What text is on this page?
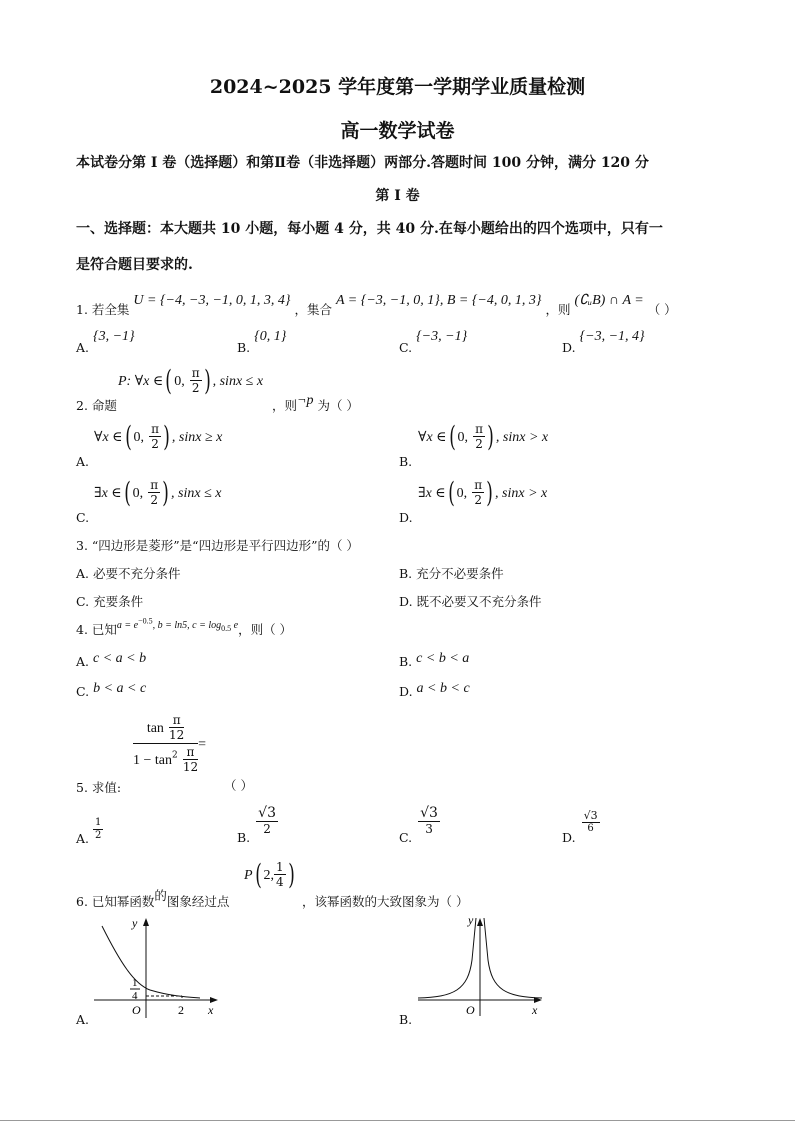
2024~2025 学年度第一学期学业质量检测
高一数学试卷
本试卷分第 I 卷（选择题）和第Ⅱ卷（非选择题）两部分.答题时间 100 分钟，满分 120 分
第 I 卷
一、选择题：本大题共 10 小题，每小题 4 分，共 40 分.在每小题给出的四个选项中，只有一
是符合题目要求的.
1. 若全集 U = {−4, −3, −1, 0, 1, 3, 4} ，集合 A = {−3, −1, 0, 1}, B = {−4, 0, 1, 3} ，则 (∁ᵤB) ∩ A = （ ）
A. {3, −1}
B. {0, 1}
C. {−3, −1}
D. {−3, −1, 4}
2. 命题
P: ∀x ∈( 0, $\frac{\pi}{2}$ ) , sinx ≤ x
，则¬p 为（ ）
A.
∀x ∈( 0, $\frac{\pi}{2}$ ) , sinx ≥ x
B.
∀x ∈( 0, $\frac{\pi}{2}$ ) , sinx > x
C.
∃x ∈( 0, $\frac{\pi}{2}$ ) , sinx ≤ x
D.
∃x ∈( 0, $\frac{\pi}{2}$ ) , sinx > x
3. “四边形是菱形”是“四边形是平行四边形”的（ ）
A. 必要不充分条件	B. 充分不必要条件
C. 充要条件	D. 既不必要又不充分条件
4. 已知$^{a = e^{-0.5}, b = ln5, c = log_{0.5} e}$，则（ ）
A. c < a < b	B. c < b < a
C. b < a < c	D. a < b < c
$\frac{\tan \frac{\pi}{12}}{1 - \tan^2 \frac{\pi}{12}}$ =
5. 求值:	（ ）
A. $\frac{1}{2}$	B.
$\frac{√3}{2}$
C.
$\frac{√3}{3}$
D.
$\frac{√3}{6}$
6. 已知幂函数的图象经过点
P( 2, $\frac{1}{4}$ )
，该幂函数的大致图象为（ ）
y
x
O	2
1
4
A.
y
x
O
B.
